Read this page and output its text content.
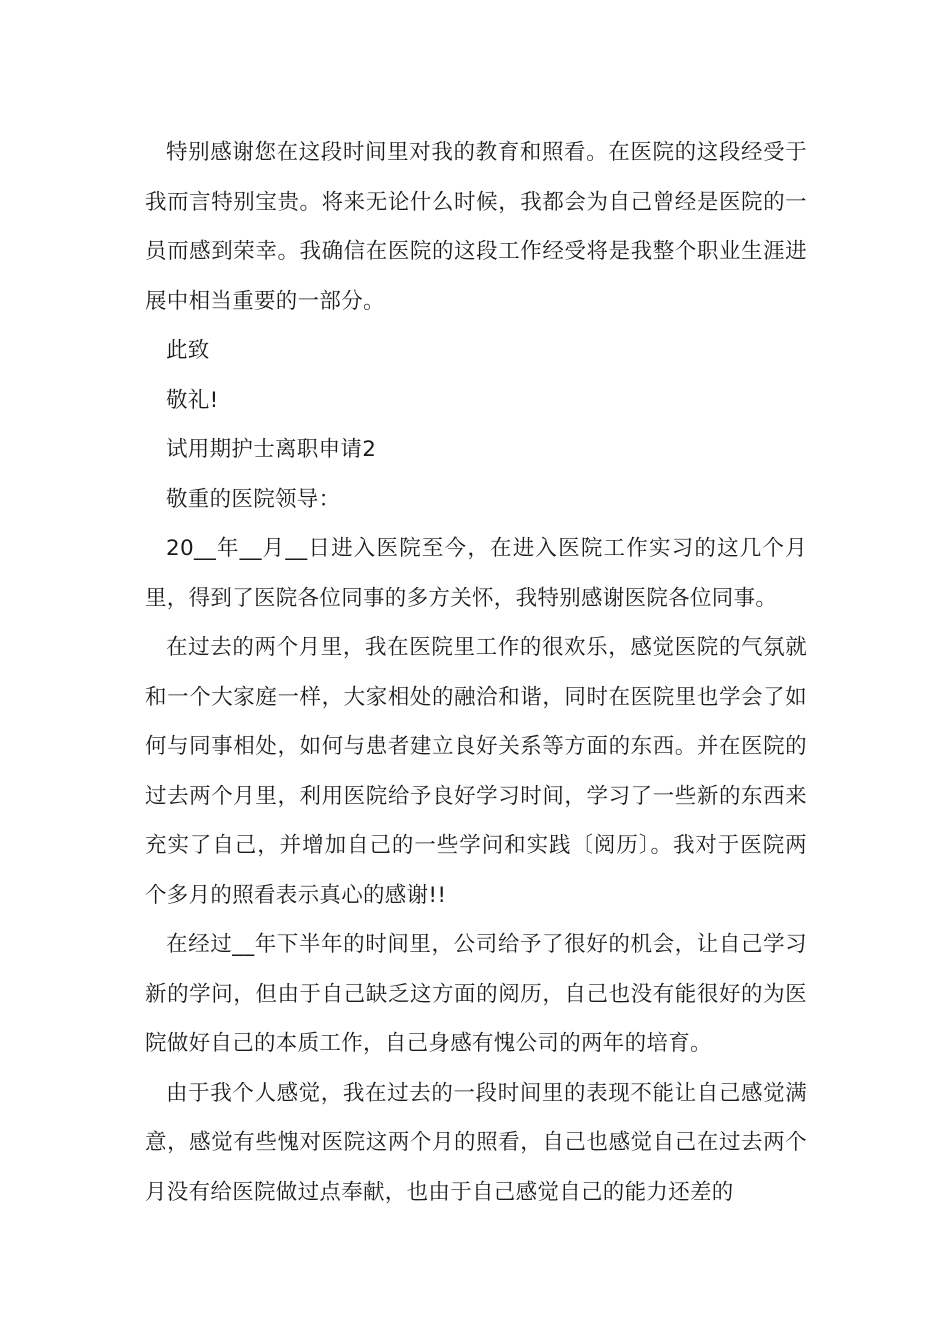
特别感谢您在这段时间里对我的教育和照看。在医院的这段经受于我而言特别宝贵。将来无论什么时候，我都会为自己曾经是医院的一员而感到荣幸。我确信在医院的这段工作经受将是我整个职业生涯进展中相当重要的一部分。

此致

敬礼!

试用期护士离职申请2

敬重的医院领导：

20__年__月__日进入医院至今，在进入医院工作实习的这几个月里，得到了医院各位同事的多方关怀，我特别感谢医院各位同事。

在过去的两个月里，我在医院里工作的很欢乐，感觉医院的气氛就和一个大家庭一样，大家相处的融洽和谐，同时在医院里也学会了如何与同事相处，如何与患者建立良好关系等方面的东西。并在医院的过去两个月里，利用医院给予良好学习时间，学习了一些新的东西来充实了自己，并增加自己的一些学问和实践〔阅历〕。我对于医院两个多月的照看表示真心的感谢!!

在经过__年下半年的时间里，公司给予了很好的机会，让自己学习新的学问，但由于自己缺乏这方面的阅历，自己也没有能很好的为医院做好自己的本质工作，自己身感有愧公司的两年的培育。

由于我个人感觉，我在过去的一段时间里的表现不能让自己感觉满意，感觉有些愧对医院这两个月的照看，自己也感觉自己在过去两个月没有给医院做过点奉献，也由于自己感觉自己的能力还差的
